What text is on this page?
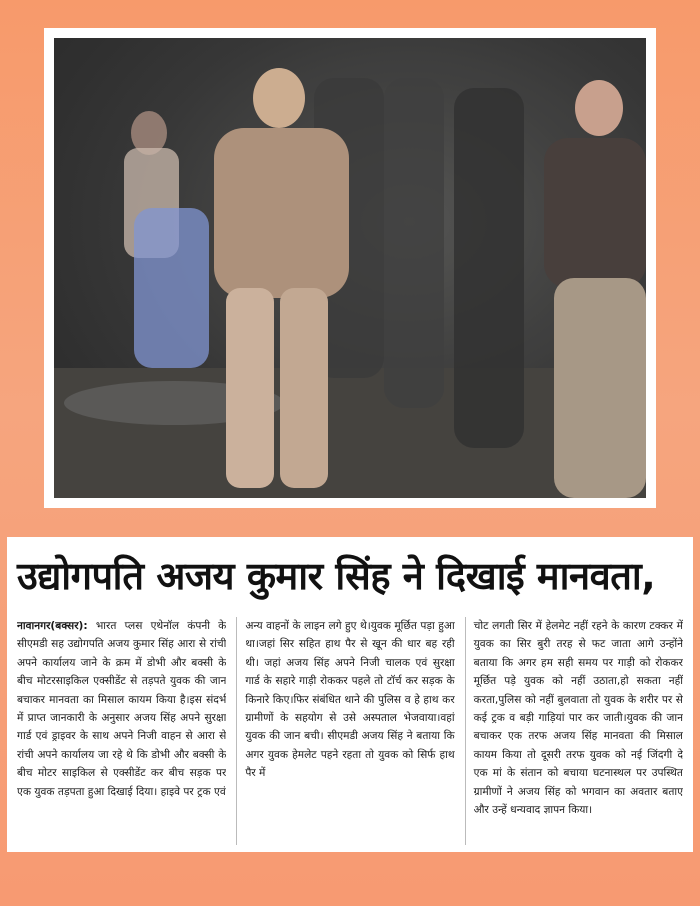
उद्योगपति अजय कुमार सिंह ने दिखाई मानवता,
नावानगर(बक्सर): भारत प्लस एथेनॉल कंपनी के सीएमडी सह उद्योगपति अजय कुमार सिंह आरा से रांची अपने कार्यालय जाने के क्रम में डोभी और बक्सी के बीच मोटरसाइकिल एक्सीडेंट से तड़पते युवक की जान बचाकर मानवता का मिसाल कायम किया है।इस संदर्भ में प्राप्त जानकारी के अनुसार अजय सिंह अपने सुरक्षा गार्ड एवं ड्राइवर के साथ अपने निजी वाहन से आरा से रांची अपने कार्यालय जा रहे थे कि डोभी और बक्सी के बीच मोटर साइकिल से एक्सीडेंट कर बीच सड़क पर एक युवक तड़पता हुआ दिखाई दिया। हाइवे पर ट्रक एवं
अन्य वाहनों के लाइन लगे हुए थे।युवक मूर्छित पड़ा हुआ था।जहां सिर सहित हाथ पैर से खून की धार बह रही थी। जहां अजय सिंह अपने निजी चालक एवं सुरक्षा गार्ड के सहारे गाड़ी रोककर पहले तो टॉर्च कर सड़क के किनारे किए।फिर संबंधित थाने की पुलिस व हे हाथ कर ग्रामीणों के सहयोग से उसे अस्पताल भेजवाया।वहां युवक की जान बची। सीएमडी अजय सिंह ने बताया कि अगर युवक हेमलेट पहने रहता तो युवक को सिर्फ हाथ पैर में
चोट लगती सिर में हेलमेट नहीं रहने के कारण टक्कर में युवक का सिर बुरी तरह से फट जाता आगे उन्होंने बताया कि अगर हम सही समय पर गाड़ी को रोककर मूर्छित पड़े युवक को नहीं उठाता,हो सकता नहीं करता,पुलिस को नहीं बुलवाता तो युवक के शरीर पर से कई ट्रक व बड़ी गाड़ियां पार कर जाती।युवक की जान बचाकर एक तरफ अजय सिंह मानवता की मिसाल कायम किया तो दूसरी तरफ युवक को नई जिंदगी दे एक मां के संतान को बचाया घटनास्थल पर उपस्थित ग्रामीणों ने अजय सिंह को भगवान का अवतार बताए और उन्हें धन्यवाद ज्ञापन किया।
